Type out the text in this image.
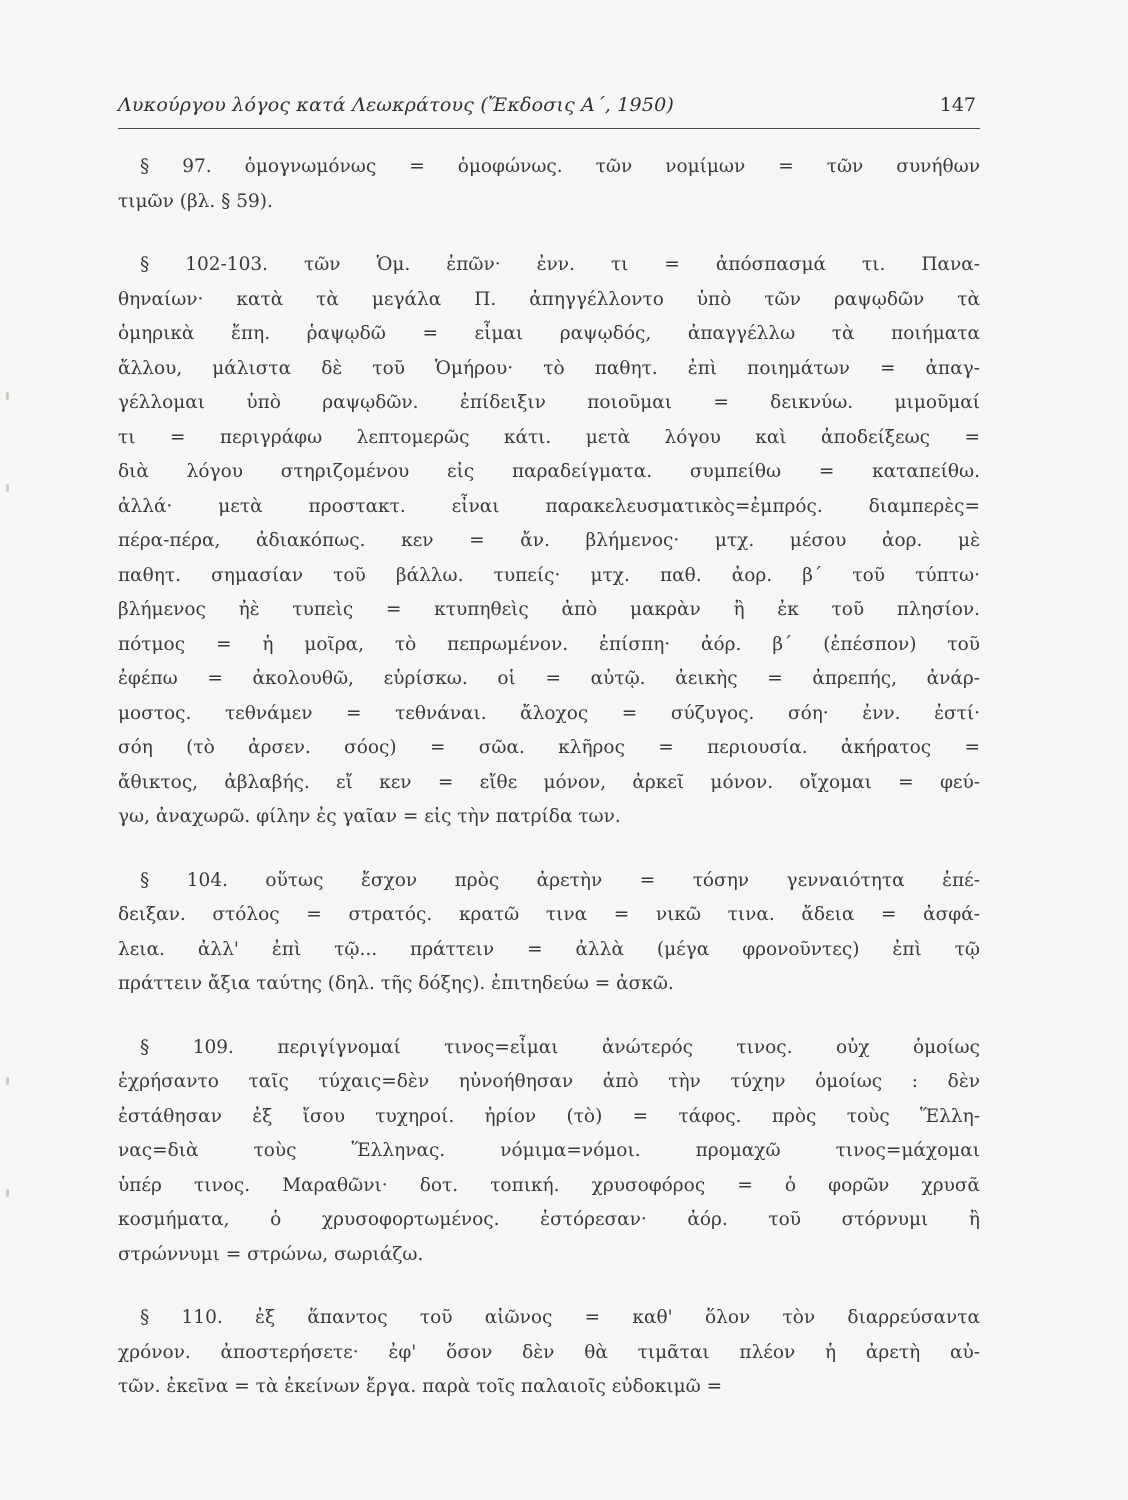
Λυκούργου λόγος κατά Λεωκράτους (Ἔκδοσις Α΄, 1950)	147
§ 97. ὁμογνωμόνως = ὁμοφώνως. τῶν νομίμων = τῶν συνήθων
τιμῶν (βλ. § 59).
§ 102-103. τῶν Ὁμ. ἐπῶν· ἐνν. τι = ἀπόσπασμά τι. Πανα-
θηναίων· κατὰ τὰ μεγάλα Π. ἀπηγγέλλοντο ὑπὸ τῶν ραψῳδῶν τὰ
ὁμηρικὰ ἔπη. ῥαψῳδῶ = εἶμαι ραψῳδός, ἀπαγγέλλω τὰ ποιήματα
ἄλλου, μάλιστα δὲ τοῦ Ὁμήρου· τὸ παθητ. ἐπὶ ποιημάτων = ἀπαγ-
γέλλομαι ὑπὸ ραψῳδῶν. ἐπίδειξιν ποιοῦμαι = δεικνύω. μιμοῦμαί
τι = περιγράφω λεπτομερῶς κάτι. μετὰ λόγου καὶ ἀποδείξεως =
διὰ λόγου στηριζομένου εἰς παραδείγματα. συμπείθω = καταπείθω.
ἀλλά· μετὰ προστακτ. εἶναι παρακελευσματικὸς=ἐμπρός. διαμπερὲς=
πέρα-πέρα, ἀδιακόπως. κεν = ἄν. βλήμενος· μτχ. μέσου ἀορ. μὲ
παθητ. σημασίαν τοῦ βάλλω. τυπείς· μτχ. παθ. ἀορ. β΄ τοῦ τύπτω·
βλήμενος ἠὲ τυπεὶς = κτυπηθεὶς ἀπὸ μακρὰν ἢ ἐκ τοῦ πλησίον.
πότμος = ἡ μοῖρα, τὸ πεπρωμένον. ἐπίσπη· ἀόρ. β΄ (ἐπέσπον) τοῦ
ἐφέπω = ἀκολουθῶ, εὑρίσκω. οἱ = αὐτῷ. ἀεικὴς = ἀπρεπής, ἀνάρ-
μοστος. τεθνάμεν = τεθνάναι. ἄλοχος = σύζυγος. σόη· ἐνν. ἐστί·
σόη (τὸ ἀρσεν. σόος) = σῶα. κλῆρος = περιουσία. ἀκήρατος =
ἄθικτος, ἀβλαβής. εἴ κεν = εἴθε μόνον, ἀρκεῖ μόνον. οἴχομαι = φεύ-
γω, ἀναχωρῶ. φίλην ἐς γαῖαν = εἰς τὴν πατρίδα των.
§ 104. οὕτως ἔσχον πρὸς ἀρετὴν = τόσην γενναιότητα ἐπέ-
δειξαν. στόλος = στρατός. κρατῶ τινα = νικῶ τινα. ἄδεια = ἀσφά-
λεια. ἀλλ' ἐπὶ τῷ... πράττειν = ἀλλὰ (μέγα φρονοῦντες) ἐπὶ τῷ
πράττειν ἄξια ταύτης (δηλ. τῆς δόξης). ἐπιτηδεύω = ἀσκῶ.
§ 109. περιγίγνομαί τινος=εἶμαι ἀνώτερός τινος. οὐχ ὁμοίως
ἐχρήσαντο ταῖς τύχαις=δὲν ηὐνοήθησαν ἀπὸ τὴν τύχην ὁμοίως : δὲν
ἐστάθησαν ἐξ ἴσου τυχηροί. ἠρίον (τὸ) = τάφος. πρὸς τοὺς Ἕλλη-
νας=διὰ τοὺς Ἕλληνας. νόμιμα=νόμοι. προμαχῶ τινος=μάχομαι
ὑπέρ τινος. Μαραθῶνι· δοτ. τοπική. χρυσοφόρος = ὁ φορῶν χρυσᾶ
κοσμήματα, ὁ χρυσοφορτωμένος. ἐστόρεσαν· ἀόρ. τοῦ στόρνυμι ἢ
στρώννυμι = στρώνω, σωριάζω.
§ 110. ἐξ ἅπαντος τοῦ αἰῶνος = καθ' ὅλον τὸν διαρρεύσαντα
χρόνον. ἀποστερήσετε· ἐφ' ὅσον δὲν θὰ τιμᾶται πλέον ἡ ἀρετὴ αὐ-
τῶν. ἐκεῖνα = τὰ ἐκείνων ἔργα. παρὰ τοῖς παλαιοῖς εὐδοκιμῶ =
